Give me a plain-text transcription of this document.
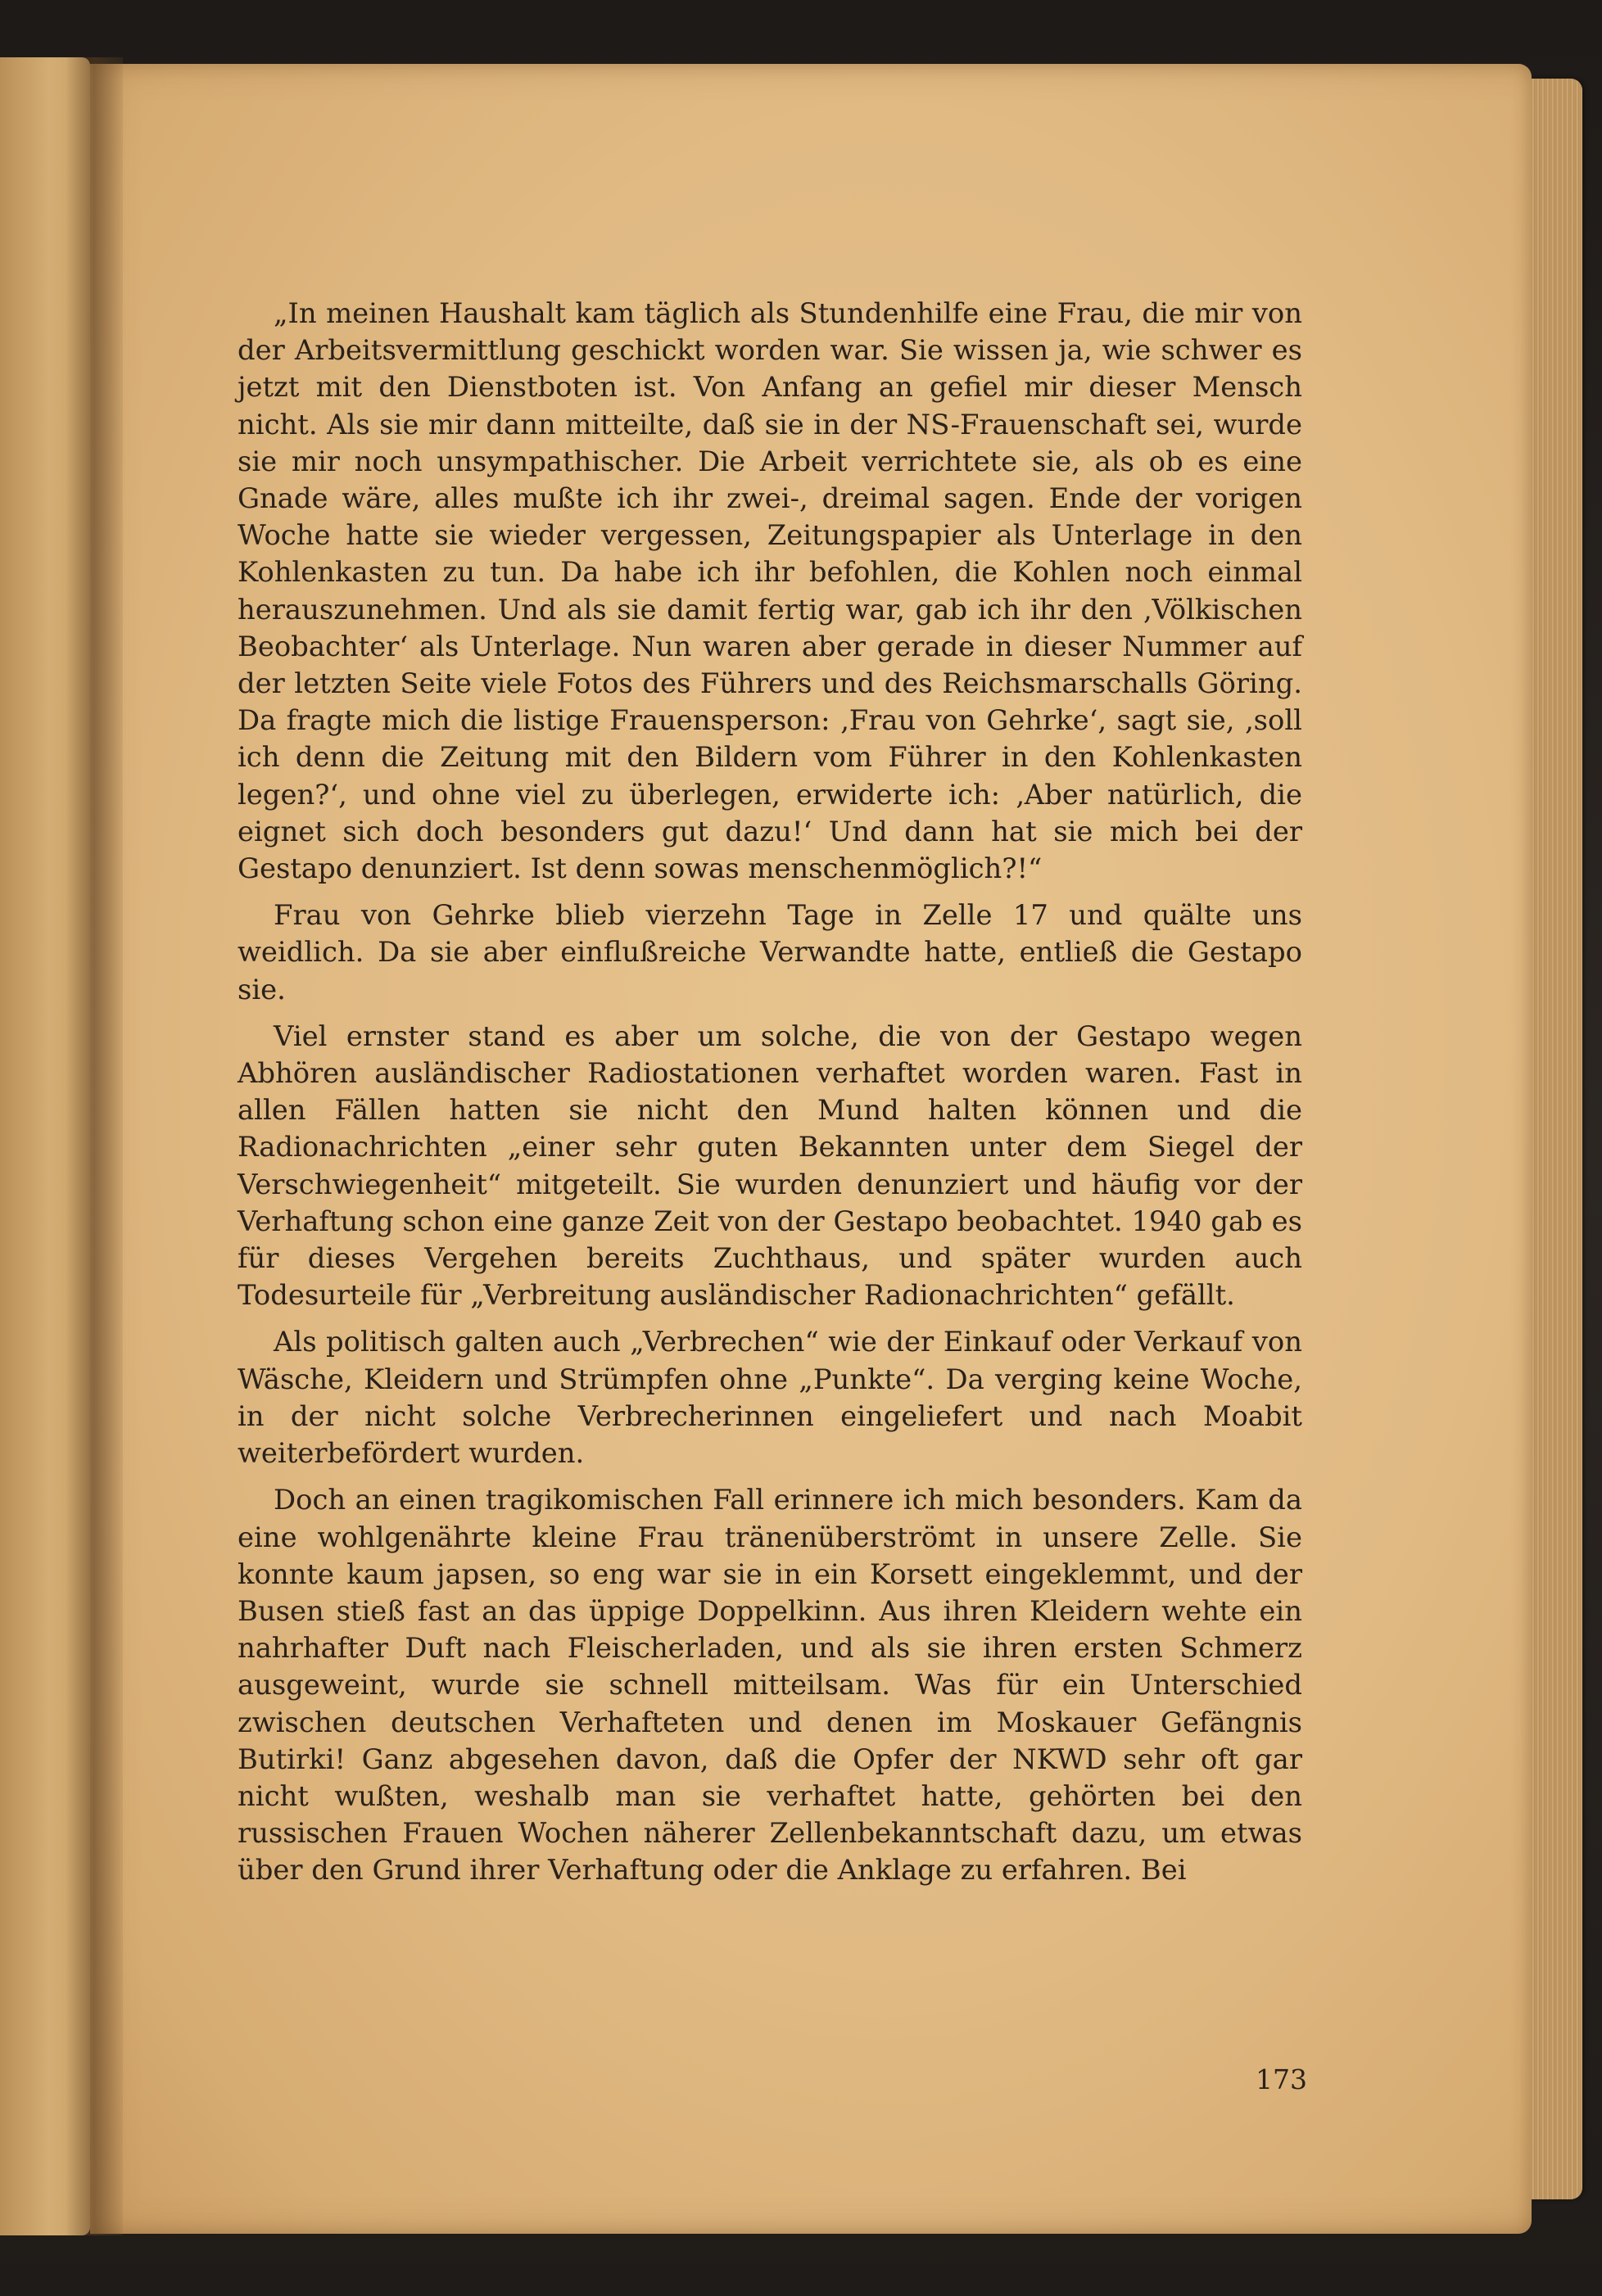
„In meinen Haushalt kam täglich als Stundenhilfe eine Frau, die mir von der Arbeitsvermittlung geschickt worden war. Sie wissen ja, wie schwer es jetzt mit den Dienstboten ist. Von Anfang an gefiel mir dieser Mensch nicht. Als sie mir dann mitteilte, daß sie in der NS-Frauenschaft sei, wurde sie mir noch unsympathischer. Die Arbeit verrichtete sie, als ob es eine Gnade wäre, alles mußte ich ihr zwei-, dreimal sagen. Ende der vorigen Woche hatte sie wieder vergessen, Zeitungspapier als Unterlage in den Kohlenkasten zu tun. Da habe ich ihr befohlen, die Kohlen noch einmal herauszunehmen. Und als sie damit fertig war, gab ich ihr den ‚Völkischen Beobachter‘ als Unterlage. Nun waren aber gerade in dieser Nummer auf der letzten Seite viele Fotos des Führers und des Reichsmarschalls Göring. Da fragte mich die listige Frauensperson: ‚Frau von Gehrke‘, sagt sie, ‚soll ich denn die Zeitung mit den Bildern vom Führer in den Kohlenkasten legen?‘, und ohne viel zu überlegen, erwiderte ich: ‚Aber natürlich, die eignet sich doch besonders gut dazu!‘ Und dann hat sie mich bei der Gestapo denunziert. Ist denn sowas menschenmöglich?!“

Frau von Gehrke blieb vierzehn Tage in Zelle 17 und quälte uns weidlich. Da sie aber einflußreiche Verwandte hatte, entließ die Gestapo sie.

Viel ernster stand es aber um solche, die von der Gestapo wegen Abhören ausländischer Radiostationen verhaftet worden waren. Fast in allen Fällen hatten sie nicht den Mund halten können und die Radionachrichten „einer sehr guten Bekannten unter dem Siegel der Verschwiegenheit“ mitgeteilt. Sie wurden denunziert und häufig vor der Verhaftung schon eine ganze Zeit von der Gestapo beobachtet. 1940 gab es für dieses Vergehen bereits Zuchthaus, und später wurden auch Todesurteile für „Verbreitung ausländischer Radionachrichten“ gefällt.

Als politisch galten auch „Verbrechen“ wie der Einkauf oder Verkauf von Wäsche, Kleidern und Strümpfen ohne „Punkte“. Da verging keine Woche, in der nicht solche Verbrecherinnen eingeliefert und nach Moabit weiterbefördert wurden.

Doch an einen tragikomischen Fall erinnere ich mich besonders. Kam da eine wohlgenährte kleine Frau tränenüberströmt in unsere Zelle. Sie konnte kaum japsen, so eng war sie in ein Korsett eingeklemmt, und der Busen stieß fast an das üppige Doppelkinn. Aus ihren Kleidern wehte ein nahrhafter Duft nach Fleischerladen, und als sie ihren ersten Schmerz ausgeweint, wurde sie schnell mitteilsam. Was für ein Unterschied zwischen deutschen Verhafteten und denen im Moskauer Gefängnis Butirki! Ganz abgesehen davon, daß die Opfer der NKWD sehr oft gar nicht wußten, weshalb man sie verhaftet hatte, gehörten bei den russischen Frauen Wochen näherer Zellenbekanntschaft dazu, um etwas über den Grund ihrer Verhaftung oder die Anklage zu erfahren. Bei

173
